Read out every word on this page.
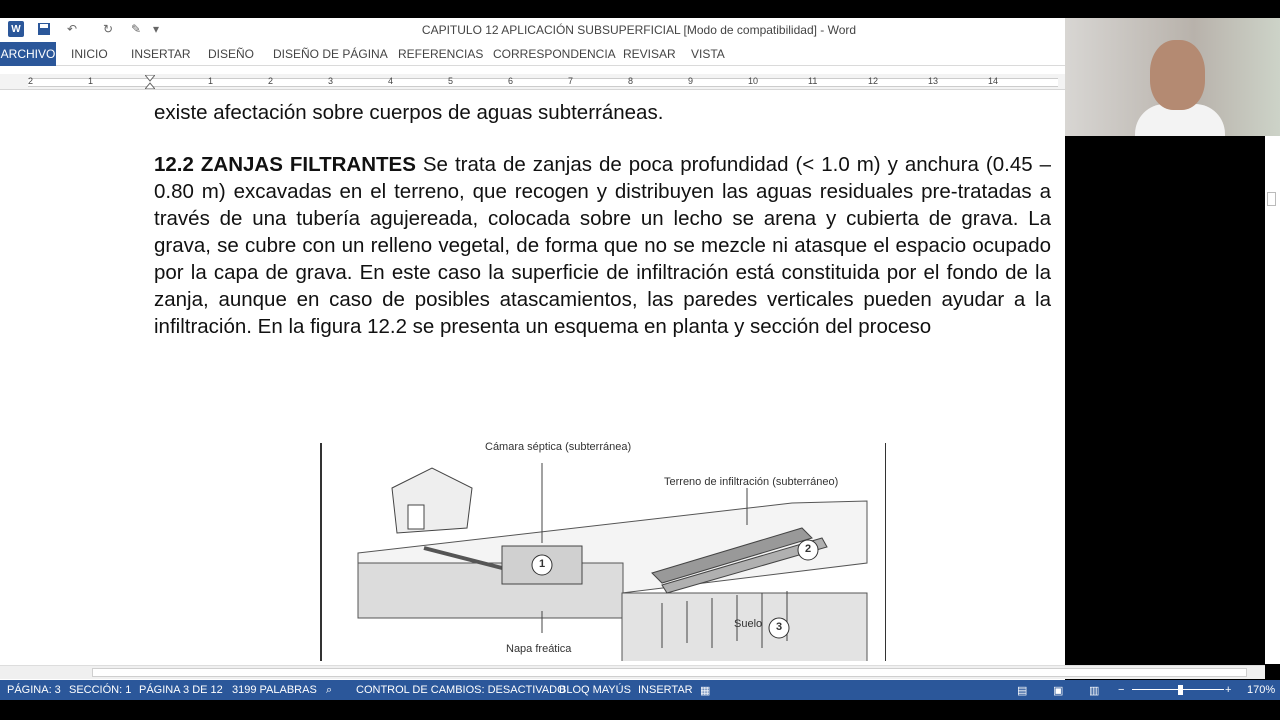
W	↶ ↻ ✎ ▾	CAPITULO 12 APLICACIÓN SUBSUPERFICIAL [Modo de compatibilidad] - Word
ARCHIVO INICIO INSERTAR DISEÑO DISEÑO DE PÁGINA REFERENCIAS CORRESPONDENCIA REVISAR VISTA
2	1	1	2	3	4	5	6	7	8	9	10	11	12	13	14
existe afectación sobre cuerpos de aguas subterráneas.
12.2 ZANJAS FILTRANTES Se trata de zanjas de poca profundidad (< 1.0 m) y anchura (0.45 – 0.80 m) excavadas en el terreno, que recogen y distribuyen las aguas residuales pre-tratadas a través de una tubería agujereada, colocada sobre un lecho se arena y cubierta de grava. La grava, se cubre con un relleno vegetal, de forma que no se mezcle ni atasque el espacio ocupado por la capa de grava. En este caso la superficie de infiltración está constituida por el fondo de la zanja, aunque en caso de posibles atascamientos, las paredes verticales pueden ayudar a la infiltración. En la figura 12.2 se presenta un esquema en planta y sección del proceso
Cámara séptica (subterránea)
Terreno de infiltración (subterráneo)
Suelo
Napa freática
1
2
3
PÁGINA: 3 SECCIÓN: 1 PÁGINA 3 DE 12 3199 PALABRAS ⌕ CONTROL DE CAMBIOS: DESACTIVADO
BLOQ MAYÚS INSERTAR ▦	▤ ▣ ▥ −	+ 170%
